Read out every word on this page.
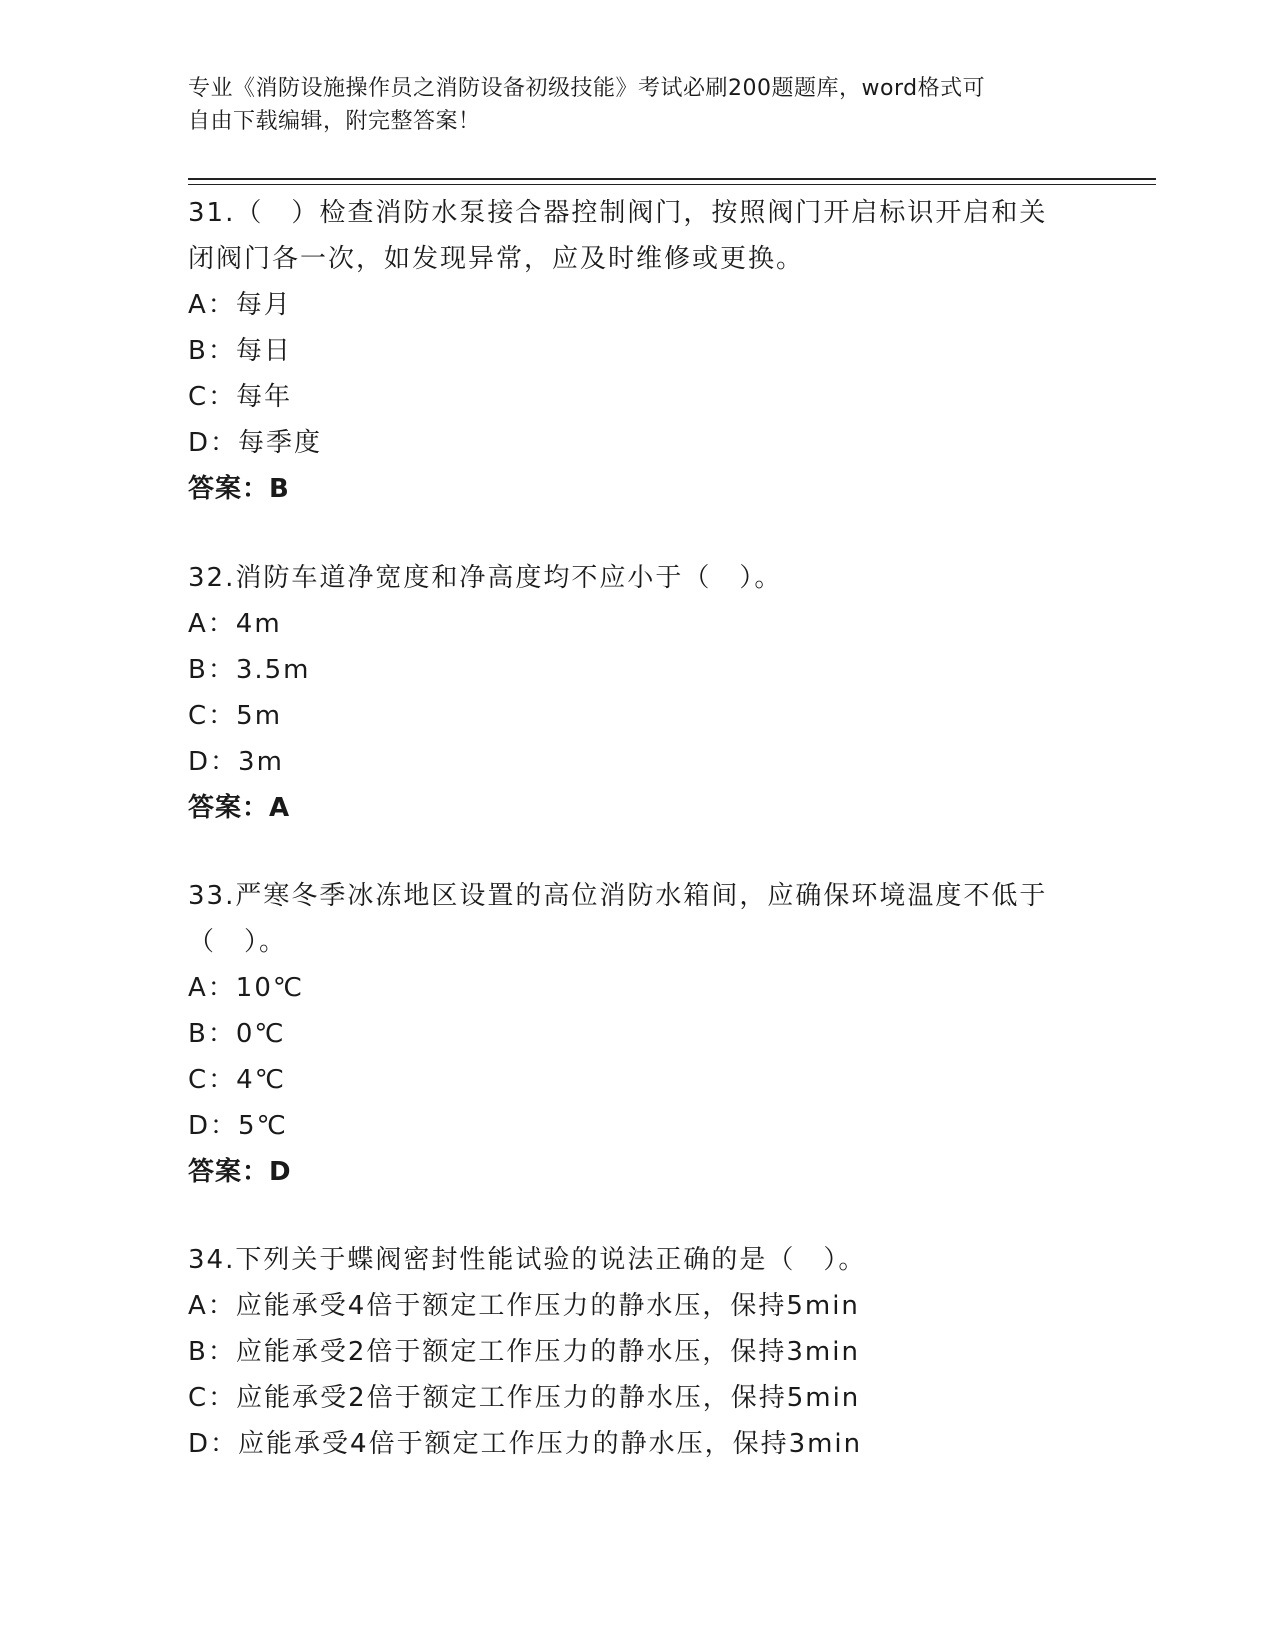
专业《消防设施操作员之消防设备初级技能》考试必刷200题题库，word格式可
自由下载编辑，附完整答案！

31.（　）检查消防水泵接合器控制阀门，按照阀门开启标识开启和关

闭阀门各一次，如发现异常，应及时维修或更换。

A：每月

B：每日

C：每年

D：每季度

答案：B

32.消防车道净宽度和净高度均不应小于（　）。

A：4m

B：3.5m

C：5m

D：3m

答案：A

33.严寒冬季冰冻地区设置的高位消防水箱间，应确保环境温度不低于

（　）。

A：10℃

B：0℃

C：4℃

D：5℃

答案：D

34.下列关于蝶阀密封性能试验的说法正确的是（　）。

A：应能承受4倍于额定工作压力的静水压，保持5min

B：应能承受2倍于额定工作压力的静水压，保持3min

C：应能承受2倍于额定工作压力的静水压，保持5min

D：应能承受4倍于额定工作压力的静水压，保持3min
